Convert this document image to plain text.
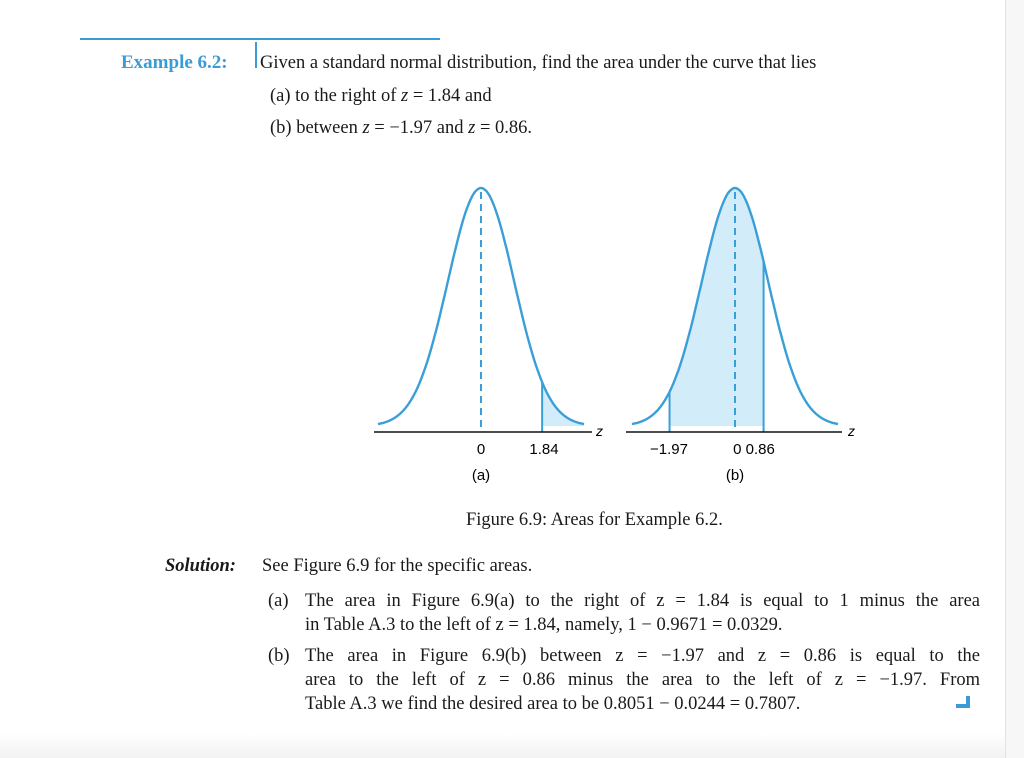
Example 6.2: Given a standard normal distribution, find the area under the curve that lies
(a) to the right of z = 1.84 and
(b) between z = −1.97 and z = 0.86.
0	1.84
z
(a)
−1.97	0 0.86
z
(b)
Figure 6.9: Areas for Example 6.2.
Solution: See Figure 6.9 for the specific areas.
(a) The area in Figure 6.9(a) to the right of z = 1.84 is equal to 1 minus the area
in Table A.3 to the left of z = 1.84, namely, 1 − 0.9671 = 0.0329.
(b) The area in Figure 6.9(b) between z = −1.97 and z = 0.86 is equal to the
area to the left of z = 0.86 minus the area to the left of z = −1.97. From
Table A.3 we find the desired area to be 0.8051 − 0.0244 = 0.7807.
